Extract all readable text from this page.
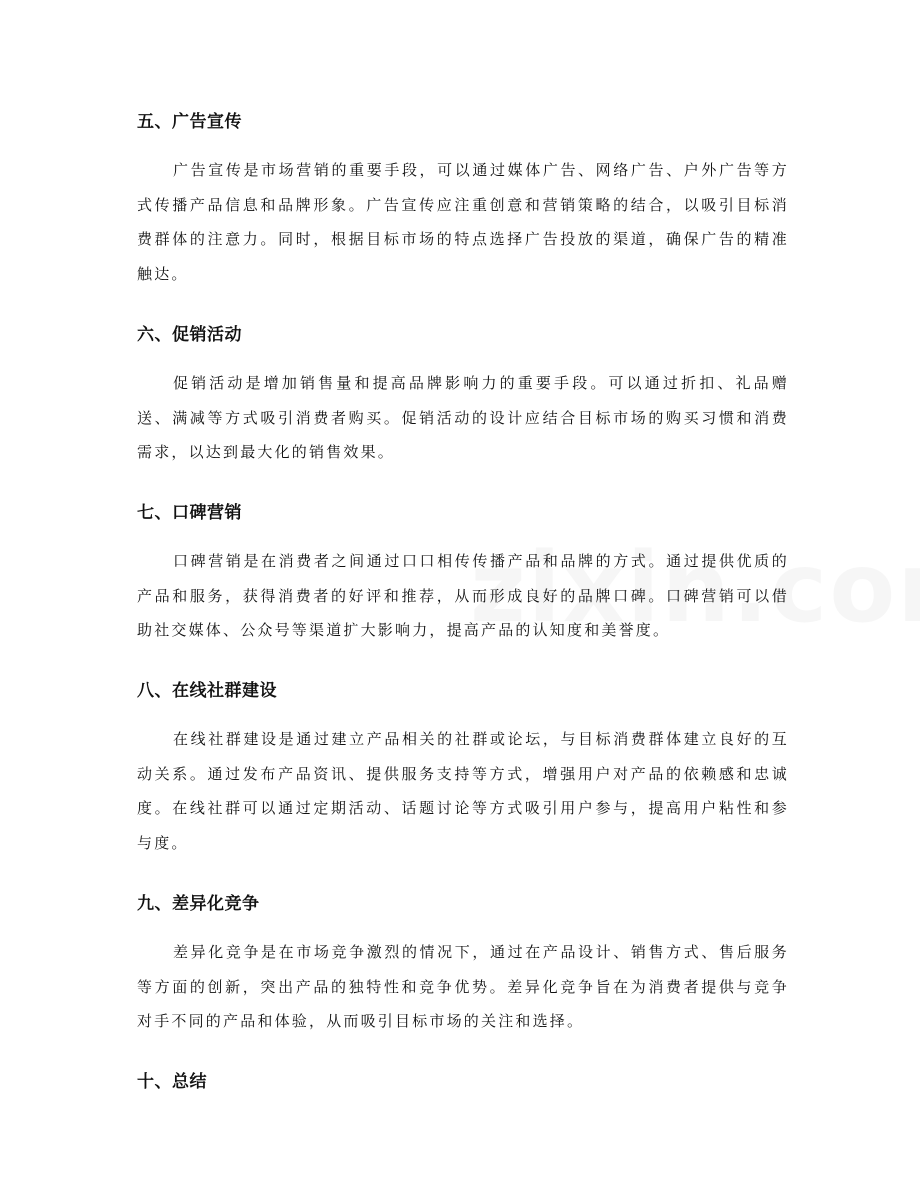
五、广告宣传

广告宣传是市场营销的重要手段，可以通过媒体广告、网络广告、户外广告等方式传播产品信息和品牌形象。广告宣传应注重创意和营销策略的结合，以吸引目标消费群体的注意力。同时，根据目标市场的特点选择广告投放的渠道，确保广告的精准触达。

六、促销活动

促销活动是增加销售量和提高品牌影响力的重要手段。可以通过折扣、礼品赠送、满减等方式吸引消费者购买。促销活动的设计应结合目标市场的购买习惯和消费需求，以达到最大化的销售效果。

七、口碑营销

口碑营销是在消费者之间通过口口相传传播产品和品牌的方式。通过提供优质的产品和服务，获得消费者的好评和推荐，从而形成良好的品牌口碑。口碑营销可以借助社交媒体、公众号等渠道扩大影响力，提高产品的认知度和美誉度。

八、在线社群建设

在线社群建设是通过建立产品相关的社群或论坛，与目标消费群体建立良好的互动关系。通过发布产品资讯、提供服务支持等方式，增强用户对产品的依赖感和忠诚度。在线社群可以通过定期活动、话题讨论等方式吸引用户参与，提高用户粘性和参与度。

九、差异化竞争

差异化竞争是在市场竞争激烈的情况下，通过在产品设计、销售方式、售后服务等方面的创新，突出产品的独特性和竞争优势。差异化竞争旨在为消费者提供与竞争对手不同的产品和体验，从而吸引目标市场的关注和选择。

十、总结
